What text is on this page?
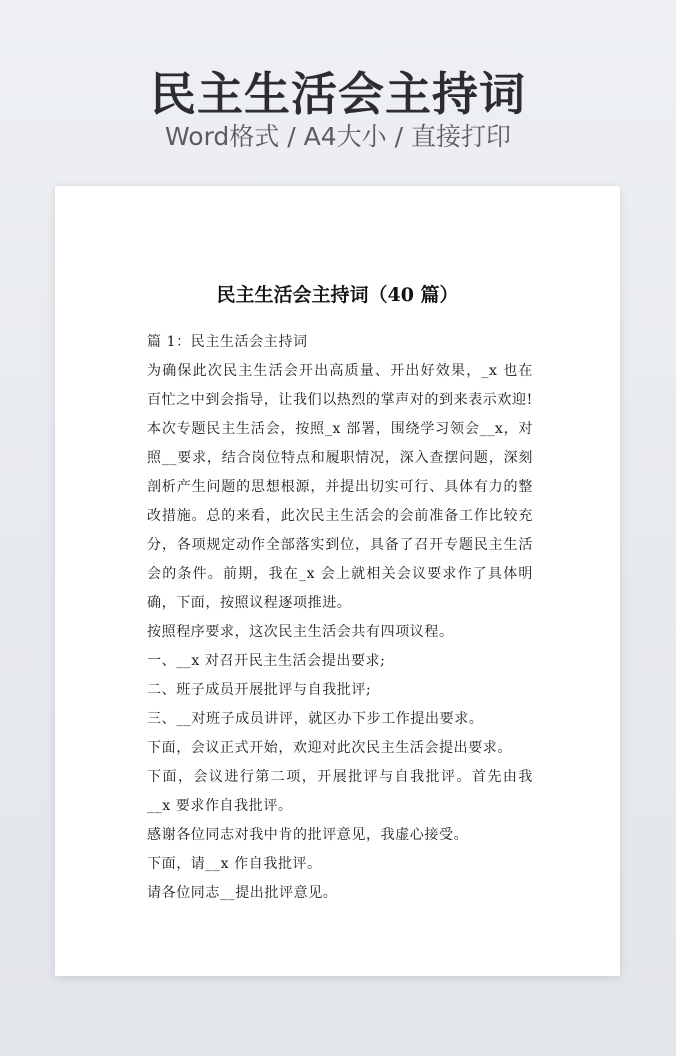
民主生活会主持词
Word格式 / A4大小 / 直接打印
民主生活会主持词（40 篇）

篇 1：民主生活会主持词

为确保此次民主生活会开出高质量、开出好效果，_x 也在百忙之中到会指导，让我们以热烈的掌声对的到来表示欢迎!

本次专题民主生活会，按照_x 部署，围绕学习领会__x，对照__要求，结合岗位特点和履职情况，深入查摆问题，深刻剖析产生问题的思想根源，并提出切实可行、具体有力的整改措施。总的来看，此次民主生活会的会前准备工作比较充分，各项规定动作全部落实到位，具备了召开专题民主生活会的条件。前期，我在_x 会上就相关会议要求作了具体明确，下面，按照议程逐项推进。

按照程序要求，这次民主生活会共有四项议程。

一、__x 对召开民主生活会提出要求;

二、班子成员开展批评与自我批评;

三、__对班子成员讲评，就区办下步工作提出要求。

下面，会议正式开始，欢迎对此次民主生活会提出要求。

下面，会议进行第二项，开展批评与自我批评。首先由我__x 要求作自我批评。

感谢各位同志对我中肯的批评意见，我虚心接受。

下面，请__x 作自我批评。

请各位同志__提出批评意见。
